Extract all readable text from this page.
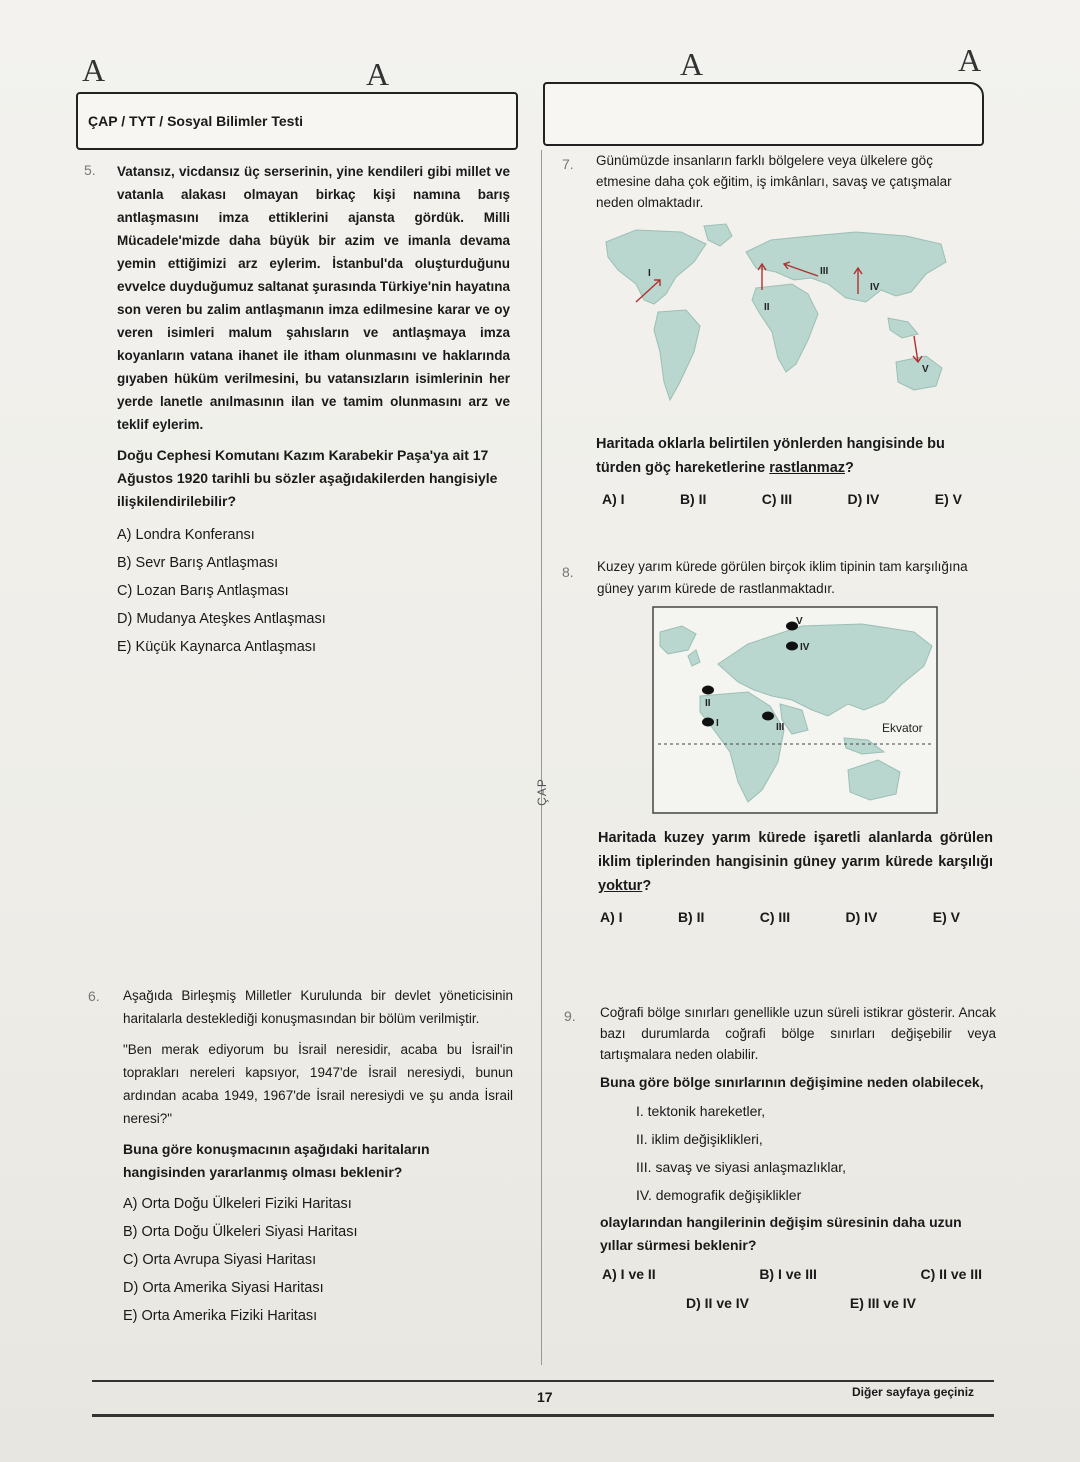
A	A	A	A
ÇAP / TYT / Sosyal Bilimler Testi
ÇAP
5. Vatansız, vicdansız üç serserinin, yine kendileri gibi millet ve vatanla alakası olmayan birkaç kişi namına barış antlaşmasını imza ettiklerini ajansta gördük. Milli Mücadele'mizde daha büyük bir azim ve imanla devama yemin ettiğimizi arz eylerim. İstanbul'da oluşturduğunu evvelce duyduğumuz saltanat şurasında Türkiye'nin hayatına son veren bu zalim antlaşmanın imza edilmesine karar ve oy veren isimleri malum şahısların ve antlaşmaya imza koyanların vatana ihanet ile itham olunmasını ve haklarında gıyaben hüküm verilmesini, bu vatansızların isimlerinin her yerde lanetle anılmasının ilan ve tamim olunmasını arz ve teklif eylerim.
Doğu Cephesi Komutanı Kazım Karabekir Paşa'ya ait 17 Ağustos 1920 tarihli bu sözler aşağıdakilerden hangisiyle ilişkilendirilebilir?
A) Londra Konferansı
B) Sevr Barış Antlaşması
C) Lozan Barış Antlaşması
D) Mudanya Ateşkes Antlaşması
E) Küçük Kaynarca Antlaşması
6. Aşağıda Birleşmiş Milletler Kurulunda bir devlet yöneticisinin haritalarla desteklediği konuşmasından bir bölüm verilmiştir.
"Ben merak ediyorum bu İsrail neresidir, acaba bu İsrail'in toprakları nereleri kapsıyor, 1947'de İsrail neresiydi, bunun ardından acaba 1949, 1967'de İsrail neresiydi ve şu anda İsrail neresi?"
Buna göre konuşmacının aşağıdaki haritaların hangisinden yararlanmış olması beklenir?
A) Orta Doğu Ülkeleri Fiziki Haritası
B) Orta Doğu Ülkeleri Siyasi Haritası
C) Orta Avrupa Siyasi Haritası
D) Orta Amerika Siyasi Haritası
E) Orta Amerika Fiziki Haritası
7. Günümüzde insanların farklı bölgelere veya ülkelere göç etmesine daha çok eğitim, iş imkânları, savaş ve çatışmalar neden olmaktadır.
I
II
III
IV
V
Haritada oklarla belirtilen yönlerden hangisinde bu türden göç hareketlerine rastlanmaz?
A) I	B) II	C) III	D) IV	E) V
8. Kuzey yarım kürede görülen birçok iklim tipinin tam karşılığına güney yarım kürede de rastlanmaktadır.
Ekvator
I
II
III
IV
V
Haritada kuzey yarım kürede işaretli alanlarda görülen iklim tiplerinden hangisinin güney yarım kürede karşılığı yoktur?
A) I	B) II	C) III	D) IV	E) V
9. Coğrafi bölge sınırları genellikle uzun süreli istikrar gösterir. Ancak bazı durumlarda coğrafi bölge sınırları değişebilir veya tartışmalara neden olabilir.
Buna göre bölge sınırlarının değişimine neden olabilecek,
I. tektonik hareketler,
II. iklim değişiklikleri,
III. savaş ve siyasi anlaşmazlıklar,
IV. demografik değişiklikler
olaylarından hangilerinin değişim süresinin daha uzun yıllar sürmesi beklenir?
A) I ve II	B) I ve III	C) II ve III
D) II ve IV	E) III ve IV
17	Diğer sayfaya geçiniz
